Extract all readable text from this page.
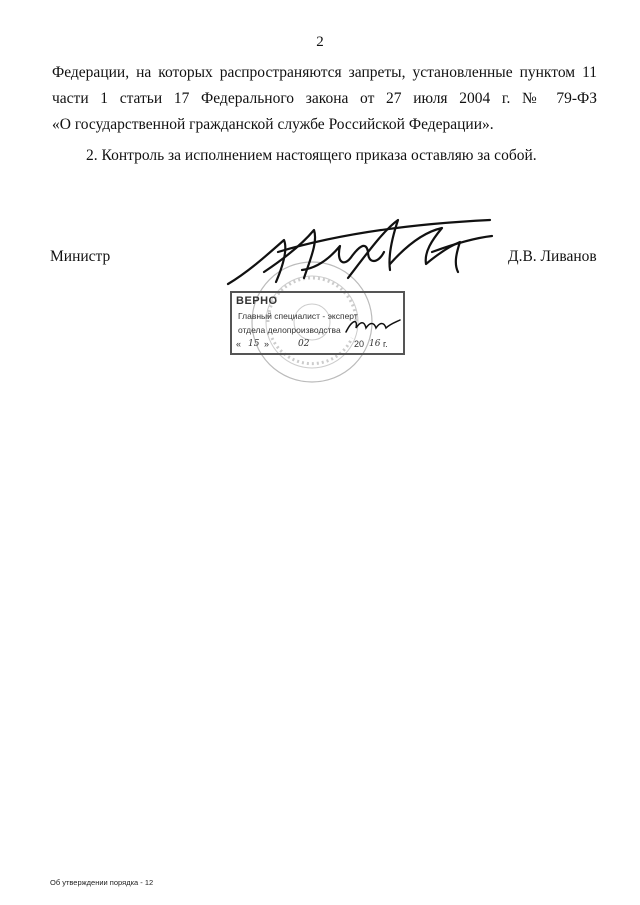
2
Федерации, на которых распространяются запреты, установленные пунктом 11
части 1 статьи 17 Федерального закона от 27 июля 2004 г. № 79-ФЗ
«О государственной гражданской службе Российской Федерации».
2. Контроль за исполнением настоящего приказа оставляю за собой.
Министр	Д.В. Ливанов
ВЕРНО
Главный специалист - эксперт
отдела делопроизводства
« 15 »	02	20 16 г.
Об утверждении порядка - 12
